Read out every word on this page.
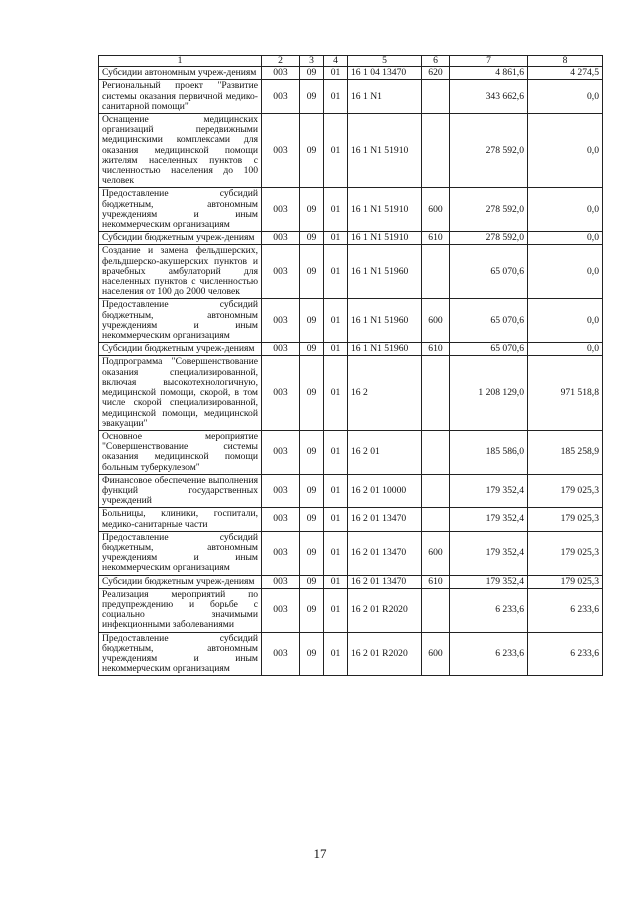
1	2	3	4	5	6	7	8
Субсидии автономным учреж-дениям	003	09	01	16 1 04 13470	620	4 861,6	4 274,5
Региональный проект "Развитие системы оказания первичной медико-санитарной помощи"	003	09	01	16 1 N1		343 662,6	0,0
Оснащение медицинских организаций передвижными медицинскими комплексами для оказания медицинской помощи жителям населенных пунктов с численностью населения до 100 человек	003	09	01	16 1 N1 51910		278 592,0	0,0
Предоставление субсидий бюджетным, автономным учреждениям и иным некоммерческим организациям	003	09	01	16 1 N1 51910	600	278 592,0	0,0
Субсидии бюджетным учреж-дениям	003	09	01	16 1 N1 51910	610	278 592,0	0,0
Создание и замена фельдшерских, фельдшерско-акушерских пунктов и врачебных амбулаторий для населенных пунктов с численностью населения от 100 до 2000 человек	003	09	01	16 1 N1 51960		65 070,6	0,0
Предоставление субсидий бюджетным, автономным учреждениям и иным некоммерческим организациям	003	09	01	16 1 N1 51960	600	65 070,6	0,0
Субсидии бюджетным учреж-дениям	003	09	01	16 1 N1 51960	610	65 070,6	0,0
Подпрограмма "Совершенствование оказания специализированной, включая высокотехнологичную, медицинской помощи, скорой, в том числе скорой специализированной, медицинской помощи, медицинской эвакуации"	003	09	01	16 2		1 208 129,0	971 518,8
Основное мероприятие "Совершенствование системы оказания медицинской помощи больным туберкулезом"	003	09	01	16 2 01		185 586,0	185 258,9
Финансовое обеспечение выполнения функций государственных учреждений	003	09	01	16 2 01 10000		179 352,4	179 025,3
Больницы, клиники, госпитали, медико-санитарные части	003	09	01	16 2 01 13470		179 352,4	179 025,3
Предоставление субсидий бюджетным, автономным учреждениям и иным некоммерческим организациям	003	09	01	16 2 01 13470	600	179 352,4	179 025,3
Субсидии бюджетным учреж-дениям	003	09	01	16 2 01 13470	610	179 352,4	179 025,3
Реализация мероприятий по предупреждению и борьбе с социально значимыми инфекционными заболеваниями	003	09	01	16 2 01 R2020		6 233,6	6 233,6
Предоставление субсидий бюджетным, автономным учреждениям и иным некоммерческим организациям	003	09	01	16 2 01 R2020	600	6 233,6	6 233,6
17
